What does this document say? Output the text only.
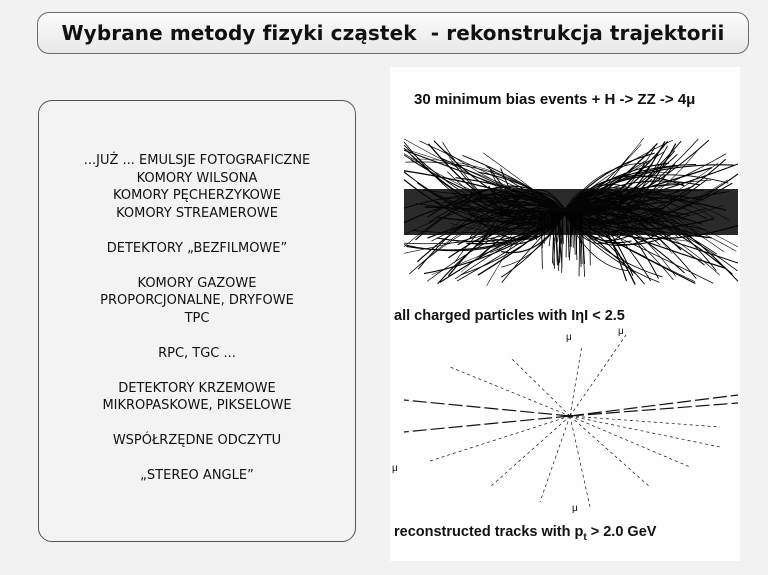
Wybrane metody fizyki cząstek  - rekonstrukcja trajektorii
...JUŻ ... EMULSJE FOTOGRAFICZNE
KOMORY WILSONA
KOMORY PĘCHERZYKOWE
KOMORY STREAMEROWE
DETEKTORY „BEZFILMOWE”
KOMORY GAZOWE
PROPORCJONALNE, DRYFOWE
TPC
RPC, TGC ...
DETEKTORY KRZEMOWE
MIKROPASKOWE, PIKSELOWE
WSPÓŁRZĘDNE ODCZYTU
„STEREO ANGLE”
30 minimum bias events + H -> ZZ -> 4μ
all charged particles with IηI < 2.5
μ
μ
μ
μ
reconstructed tracks with $p_t > 2.0$ GeV
